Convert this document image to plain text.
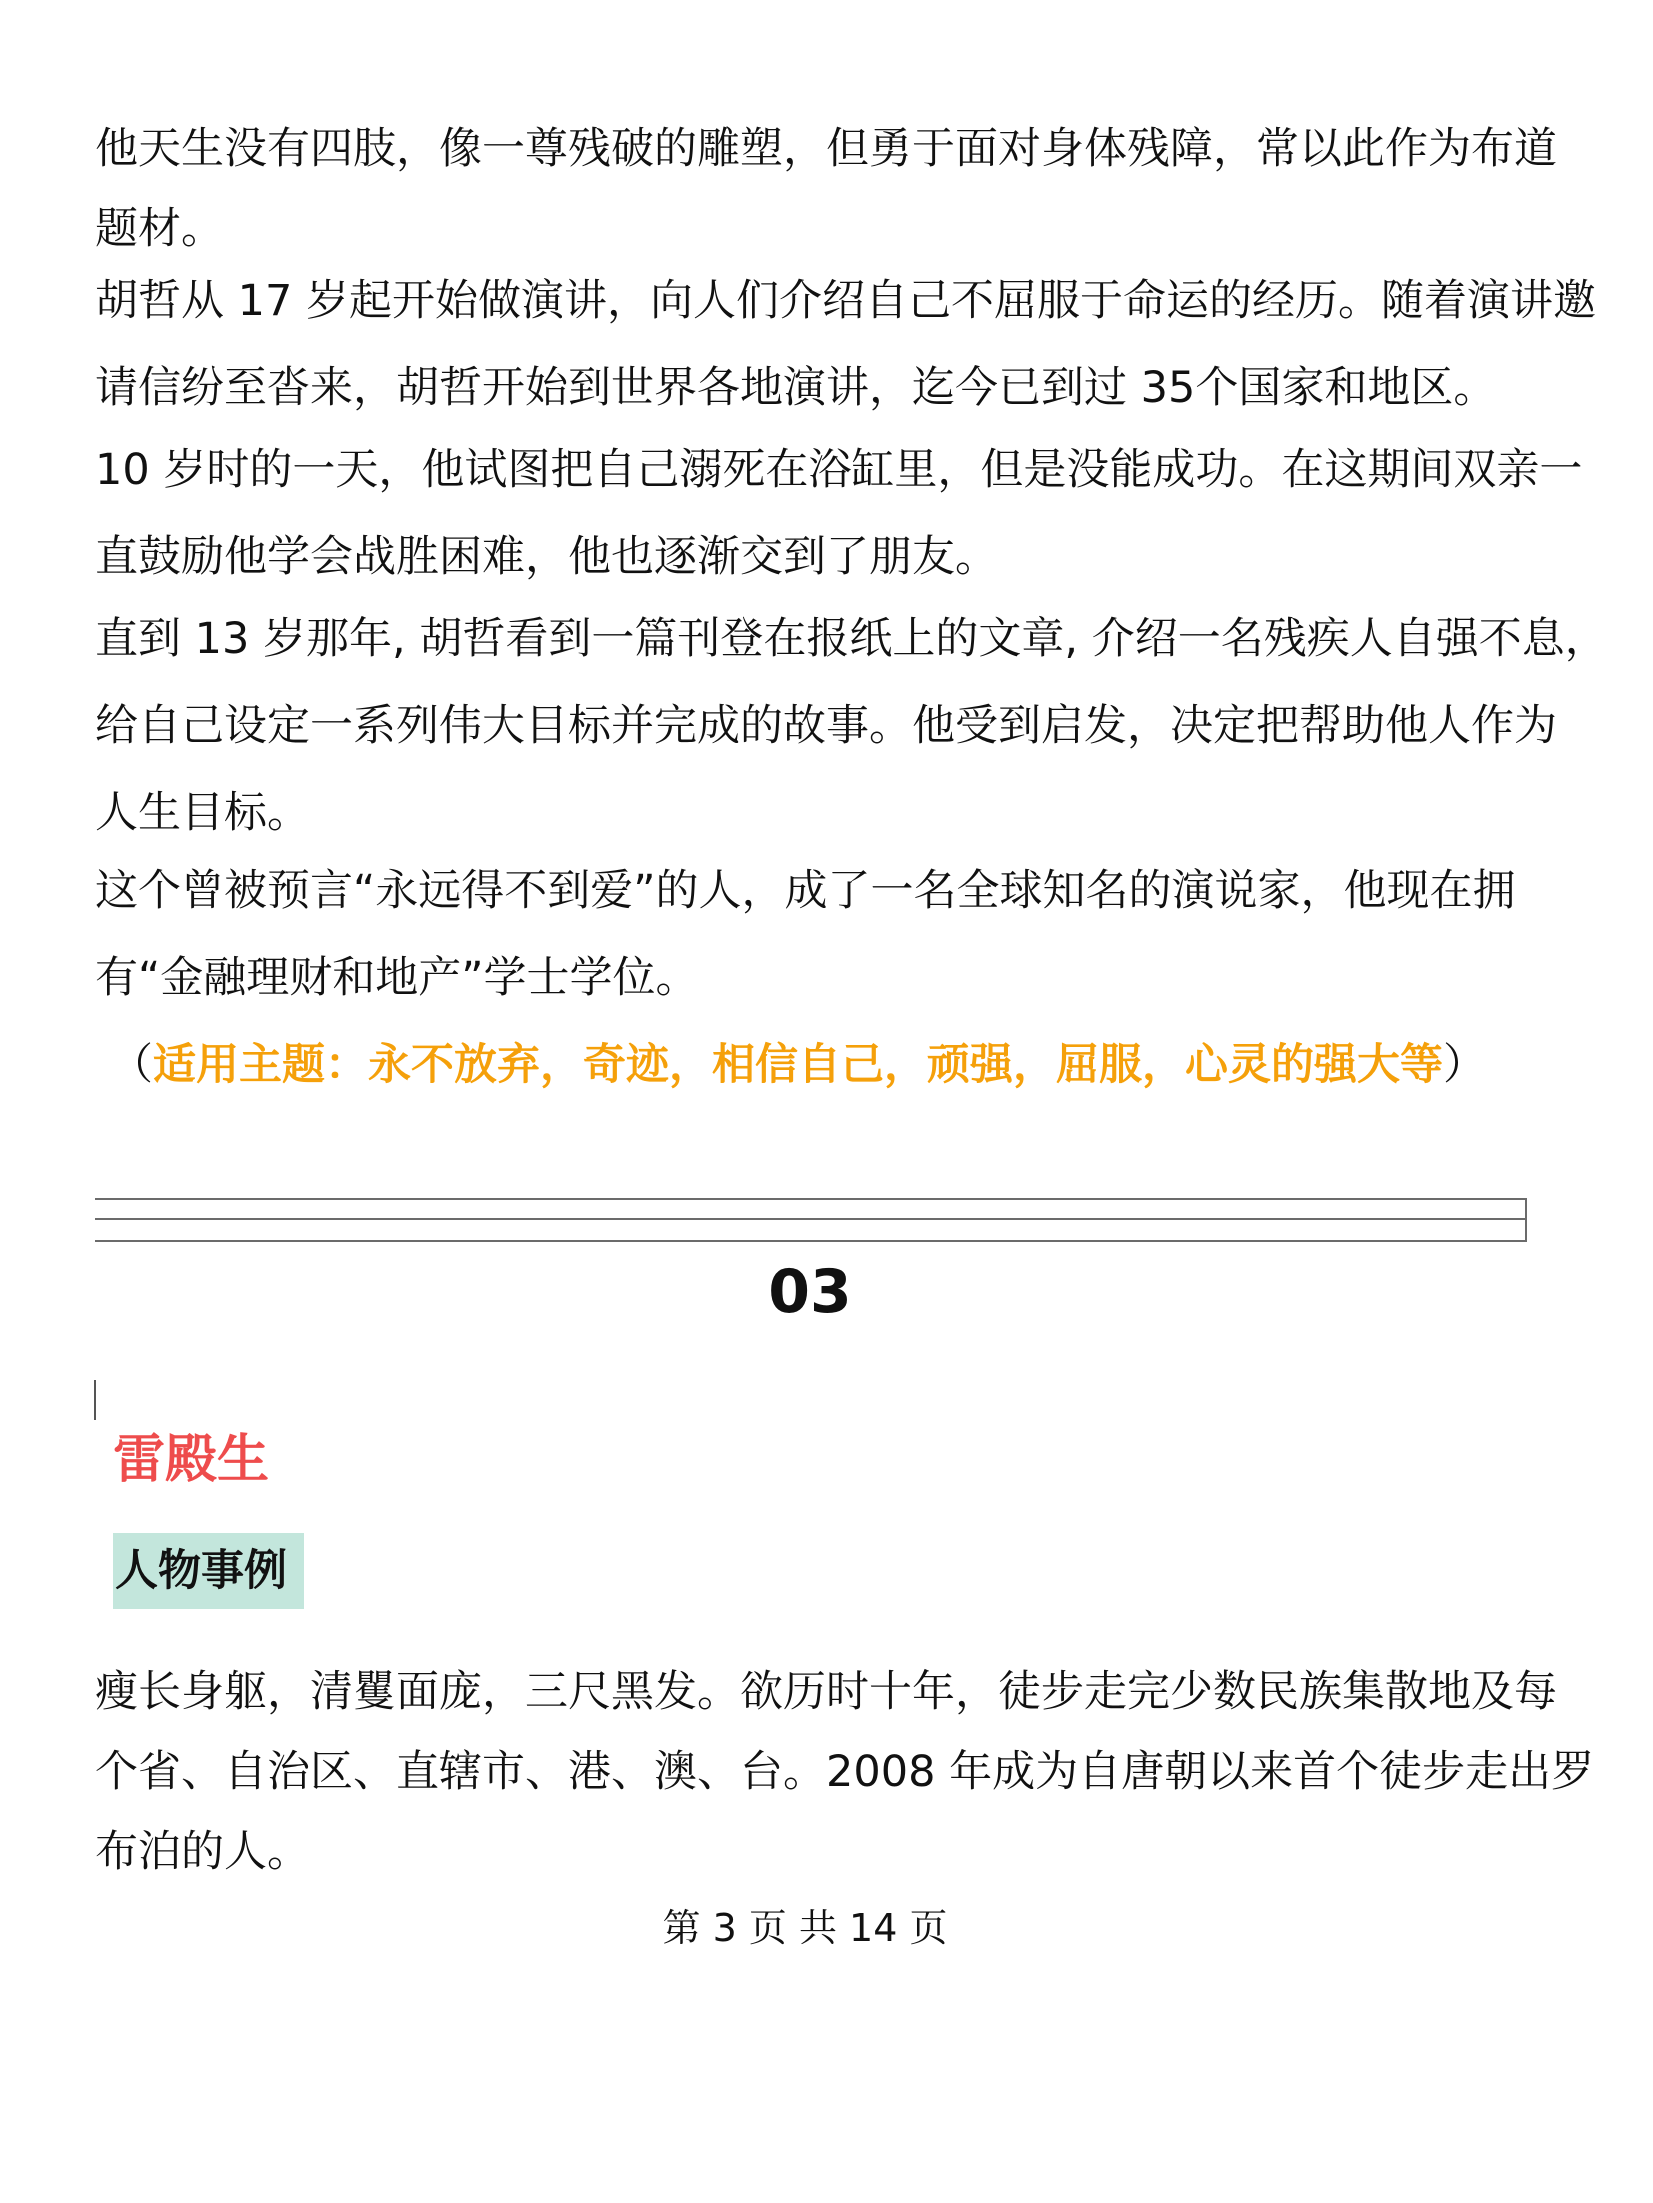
他天生没有四肢，像一尊残破的雕塑，但勇于面对身体残障，常以此作为布道
题材。
胡哲从 17 岁起开始做演讲，向人们介绍自己不屈服于命运的经历。随着演讲邀
请信纷至沓来，胡哲开始到世界各地演讲，迄今已到过 35个国家和地区。
10 岁时的一天，他试图把自己溺死在浴缸里，但是没能成功。在这期间双亲一
直鼓励他学会战胜困难，他也逐渐交到了朋友。
直到 13 岁那年, 胡哲看到一篇刊登在报纸上的文章, 介绍一名残疾人自强不息，
给自己设定一系列伟大目标并完成的故事。他受到启发，决定把帮助他人作为
人生目标。
这个曾被预言“永远得不到爱”的人，成了一名全球知名的演说家，他现在拥
有“金融理财和地产”学士学位。
（适用主题：永不放弃，奇迹，相信自己，顽强，屈服，心灵的强大等）
03
雷殿生
人物事例
瘦长身躯，清矍面庞，三尺黑发。欲历时十年，徒步走完少数民族集散地及每
个省、自治区、直辖市、港、澳、台。2008 年成为自唐朝以来首个徒步走出罗
布泊的人。
第 3 页 共 14 页
